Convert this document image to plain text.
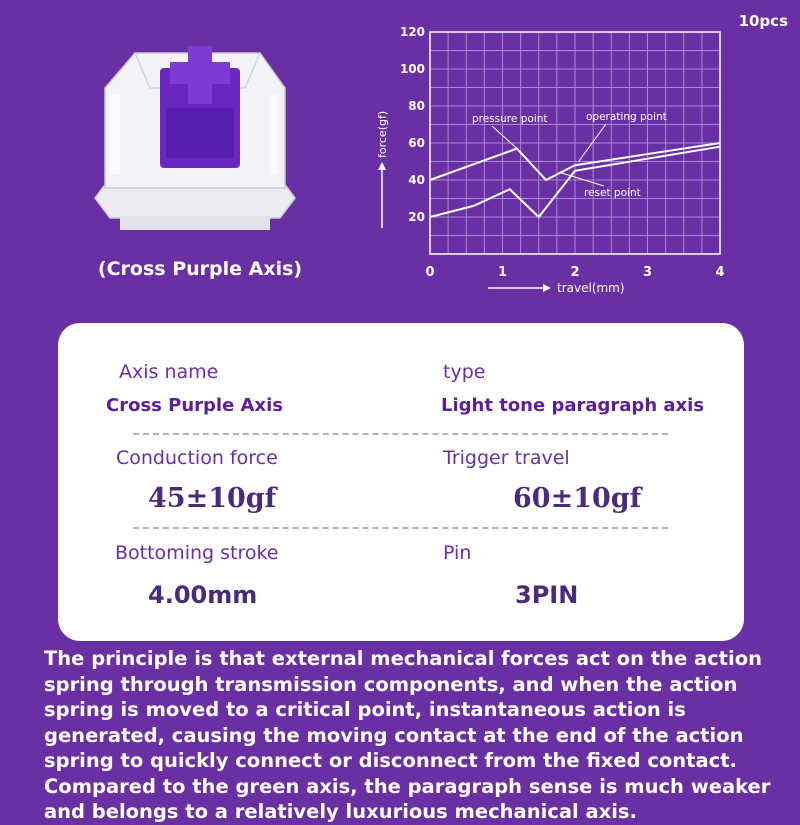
10pcs
(Cross Purple Axis)
20
40
60
80
100
120
0	1	2	3	4
pressure point	operating point
reset point
force(gf)
travel(mm)
Axis name
Cross Purple Axis
type
Light tone paragraph axis
Conduction force
45±10gf
Trigger travel
60±10gf
Bottoming stroke
4.00mm
Pin
3PIN
The principle is that external mechanical forces act on the action spring through transmission components, and when the action spring is moved to a critical point, instantaneous action is generated, causing the moving contact at the end of the action spring to quickly connect or disconnect from the fixed contact. Compared to the green axis, the paragraph sense is much weaker and belongs to a relatively luxurious mechanical axis.
